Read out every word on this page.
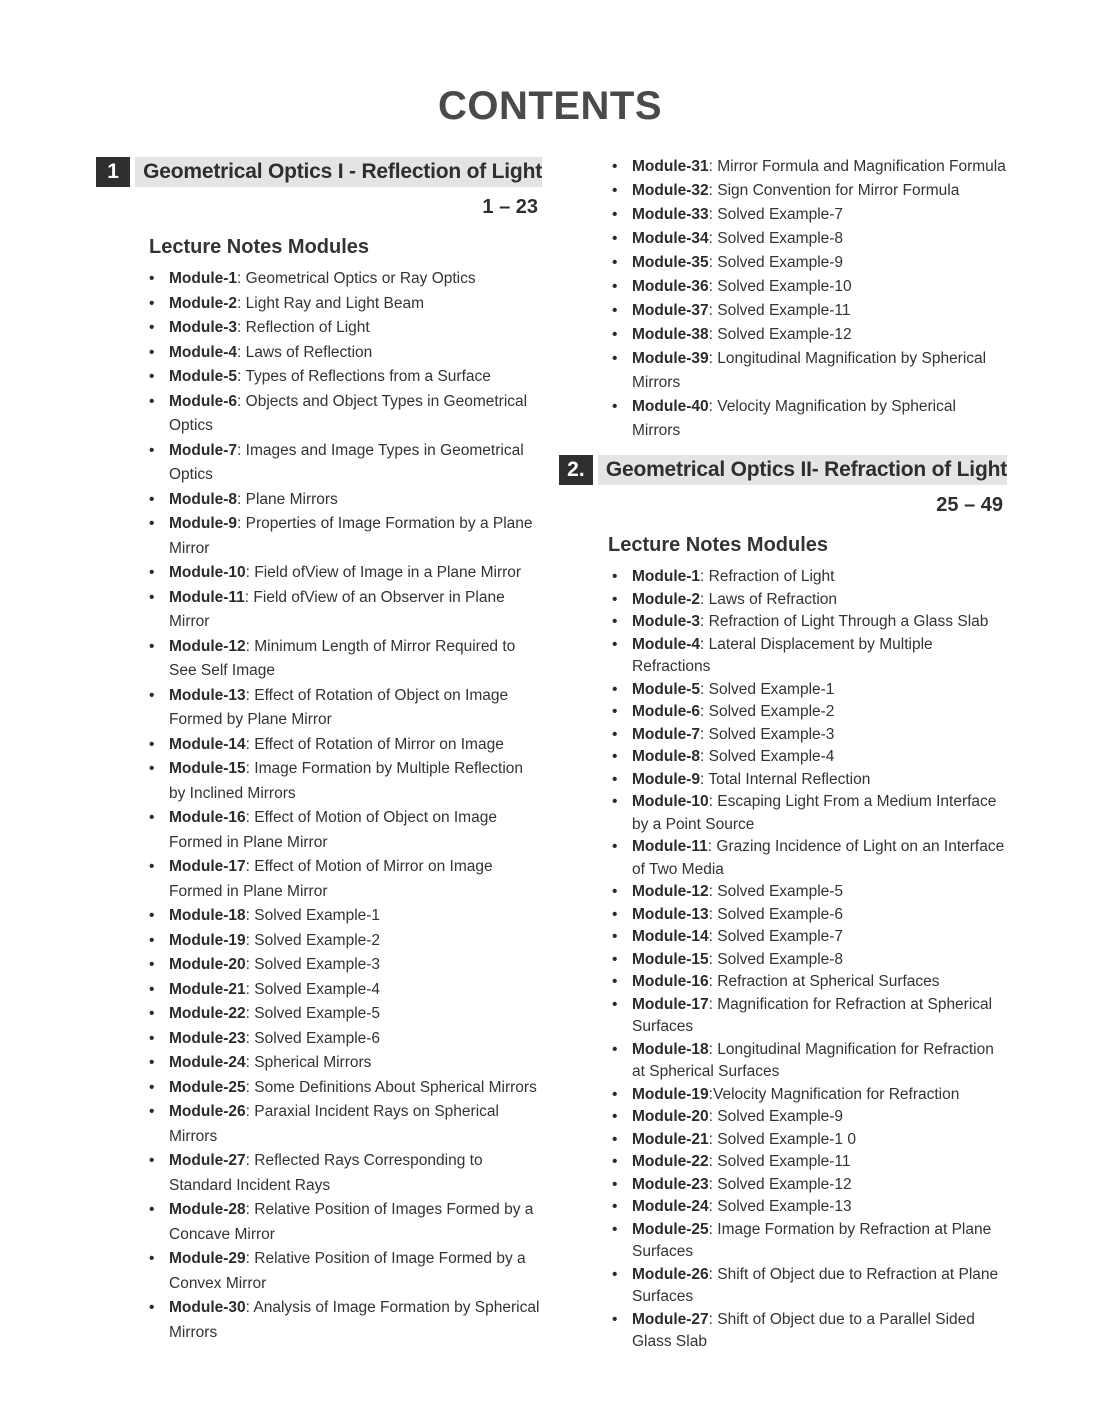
CONTENTS
1	Geometrical Optics I - Reflection of Light
1 – 23
Lecture Notes Modules
• Module-1: Geometrical Optics or Ray Optics
• Module-2: Light Ray and Light Beam
• Module-3: Reflection of Light
• Module-4: Laws of Reflection
• Module-5: Types of Reflections from a Surface
• Module-6: Objects and Object Types in Geometrical Optics
• Module-7: Images and Image Types in Geometrical Optics
• Module-8: Plane Mirrors
• Module-9: Properties of Image Formation by a Plane Mirror
• Module-10: Field ofView of Image in a Plane Mirror
• Module-11: Field ofView of an Observer in Plane Mirror
• Module-12: Minimum Length of Mirror Required to See Self Image
• Module-13: Effect of Rotation of Object on Image Formed by Plane Mirror
• Module-14: Effect of Rotation of Mirror on Image
• Module-15: Image Formation by Multiple Reflection by Inclined Mirrors
• Module-16: Effect of Motion of Object on Image Formed in Plane Mirror
• Module-17: Effect of Motion of Mirror on Image Formed in Plane Mirror
• Module-18: Solved Example-1
• Module-19: Solved Example-2
• Module-20: Solved Example-3
• Module-21: Solved Example-4
• Module-22: Solved Example-5
• Module-23: Solved Example-6
• Module-24: Spherical Mirrors
• Module-25: Some Definitions About Spherical Mirrors
• Module-26: Paraxial Incident Rays on Spherical Mirrors
• Module-27: Reflected Rays Corresponding to Standard Incident Rays
• Module-28: Relative Position of Images Formed by a Concave Mirror
• Module-29: Relative Position of Image Formed by a Convex Mirror
• Module-30: Analysis of Image Formation by Spherical Mirrors
• Module-31: Mirror Formula and Magnification Formula
• Module-32: Sign Convention for Mirror Formula
• Module-33: Solved Example-7
• Module-34: Solved Example-8
• Module-35: Solved Example-9
• Module-36: Solved Example-10
• Module-37: Solved Example-11
• Module-38: Solved Example-12
• Module-39: Longitudinal Magnification by Spherical Mirrors
• Module-40: Velocity Magnification by Spherical Mirrors
2.	Geometrical Optics II- Refraction of Light
25 – 49
Lecture Notes Modules
• Module-1: Refraction of Light
• Module-2: Laws of Refraction
• Module-3: Refraction of Light Through a Glass Slab
• Module-4: Lateral Displacement by Multiple Refractions
• Module-5: Solved Example-1
• Module-6: Solved Example-2
• Module-7: Solved Example-3
• Module-8: Solved Example-4
• Module-9: Total Internal Reflection
• Module-10: Escaping Light From a Medium Interface by a Point Source
• Module-11: Grazing Incidence of Light on an Interface of Two Media
• Module-12: Solved Example-5
• Module-13: Solved Example-6
• Module-14: Solved Example-7
• Module-15: Solved Example-8
• Module-16: Refraction at Spherical Surfaces
• Module-17: Magnification for Refraction at Spherical Surfaces
• Module-18: Longitudinal Magnification for Refraction at Spherical Surfaces
• Module-19:Velocity Magnification for Refraction
• Module-20: Solved Example-9
• Module-21: Solved Example-1 0
• Module-22: Solved Example-11
• Module-23: Solved Example-12
• Module-24: Solved Example-13
• Module-25: Image Formation by Refraction at Plane Surfaces
• Module-26: Shift of Object due to Refraction at Plane Surfaces
• Module-27: Shift of Object due to a Parallel Sided Glass Slab
